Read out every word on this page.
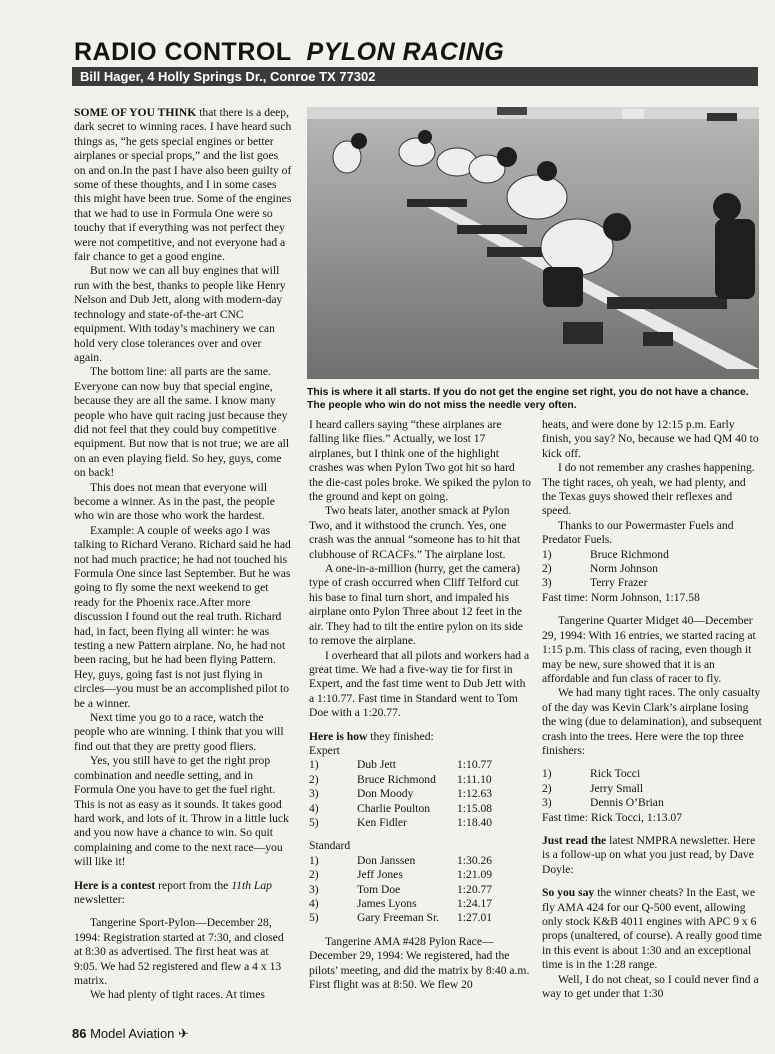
RADIO CONTROL PYLON RACING
Bill Hager, 4 Holly Springs Dr., Conroe TX 77302

SOME OF YOU THINK that there is a deep, dark secret to winning races. I have heard such things as, “he gets special engines or better airplanes or special props,” and the list goes on and on.In the past I have also been guilty of some of these thoughts, and I in some cases this might have been true. Some of the engines that we had to use in Formula One were so touchy that if everything was not perfect they were not competitive, and not everyone had a fair chance to get a good engine.

But now we can all buy engines that will run with the best, thanks to people like Henry Nelson and Dub Jett, along with modern-day technology and state-of-the-art CNC equipment. With today’s machinery we can hold very close tolerances over and over again.

The bottom line: all parts are the same. Everyone can now buy that special engine, because they are all the same. I know many people who have quit racing just because they did not feel that they could buy competitive equipment. But now that is not true; we are all on an even playing field. So hey, guys, come on back!

This does not mean that everyone will become a winner. As in the past, the people who win are those who work the hardest.

Example: A couple of weeks ago I was talking to Richard Verano. Richard said he had not had much practice; he had not touched his Formula One since last September. But he was going to fly some the next weekend to get ready for the Phoenix race.After more discussion I found out the real truth. Richard had, in fact, been flying all winter: he was testing a new Pattern airplane. No, he had not been racing, but he had been flying Pattern. Hey, guys, going fast is not just flying in circles—you must be an accomplished pilot to be a winner.

Next time you go to a race, watch the people who are winning. I think that you will find out that they are pretty good fliers.

Yes, you still have to get the right prop combination and needle setting, and in Formula One you have to get the fuel right. This is not as easy as it sounds. It takes good hard work, and lots of it. Throw in a little luck and you now have a chance to win. So quit complaining and come to the next race—you will like it!

Here is a contest report from the 11th Lap newsletter:

Tangerine Sport-Pylon—December 28, 1994: Registration started at 7:30, and closed at 8:30 as advertised. The first heat was at 9:05. We had 52 registered and flew a 4 x 13 matrix.

We had plenty of tight races. At times

This is where it all starts. If you do not get the engine set right, you do not have a chance. The people who win do not miss the needle very often.

I heard callers saying “these airplanes are falling like flies.” Actually, we lost 17 airplanes, but I think one of the highlight crashes was when Pylon Two got hit so hard the die-cast poles broke. We spiked the pylon to the ground and kept on going.

Two heats later, another smack at Pylon Two, and it withstood the crunch. Yes, one crash was the annual “someone has to hit that clubhouse of RCACFs.” The airplane lost.

A one-in-a-million (hurry, get the camera) type of crash occurred when Cliff Telford cut his base to final turn short, and impaled his airplane onto Pylon Three about 12 feet in the air. They had to tilt the entire pylon on its side to remove the airplane.

I overheard that all pilots and workers had a great time. We had a five-way tie for first in Expert, and the fast time went to Dub Jett with a 1:10.77. Fast time in Standard went to Tom Doe with a 1:20.77.

Here is how they finished:

Expert

1)	Dub Jett	1:10.77
2)	Bruce Richmond	1:11.10
3)	Don Moody	1:12.63
4)	Charlie Poulton	1:15.08
5)	Ken Fidler	1:18.40

Standard

1)	Don Janssen	1:30.26
2)	Jeff Jones	1:21.09
3)	Tom Doe	1:20.77
4)	James Lyons	1:24.17
5)	Gary Freeman Sr.	1:27.01

Tangerine AMA #428 Pylon Race—December 29, 1994: We registered, had the pilots’ meeting, and did the matrix by 8:40 a.m. First flight was at 8:50. We flew 20

heats, and were done by 12:15 p.m. Early finish, you say? No, because we had QM 40 to kick off.

I do not remember any crashes happening. The tight races, oh yeah, we had plenty, and the Texas guys showed their reflexes and speed.

Thanks to our Powermaster Fuels and Predator Fuels.

1)	Bruce Richmond
2)	Norm Johnson
3)	Terry Frazer

Fast time: Norm Johnson, 1:17.58

Tangerine Quarter Midget 40—December 29, 1994: With 16 entries, we started racing at 1:15 p.m. This class of racing, even though it may be new, sure showed that it is an affordable and fun class of racer to fly.

We had many tight races. The only casualty of the day was Kevin Clark’s airplane losing the wing (due to delamination), and subsequent crash into the trees. Here were the top three finishers:

1)	Rick Tocci
2)	Jerry Small
3)	Dennis O’Brian

Fast time: Rick Tocci, 1:13.07

Just read the latest NMPRA newsletter. Here is a follow-up on what you just read, by Dave Doyle:

So you say the winner cheats? In the East, we fly AMA 424 for our Q-500 event, allowing only stock K&B 4011 engines with APC 9 x 6 props (unaltered, of course). A really good time in this event is about 1:30 and an exceptional time is in the 1:28 range.

Well, I do not cheat, so I could never find a way to get under that 1:30

86 Model Aviation ✈
